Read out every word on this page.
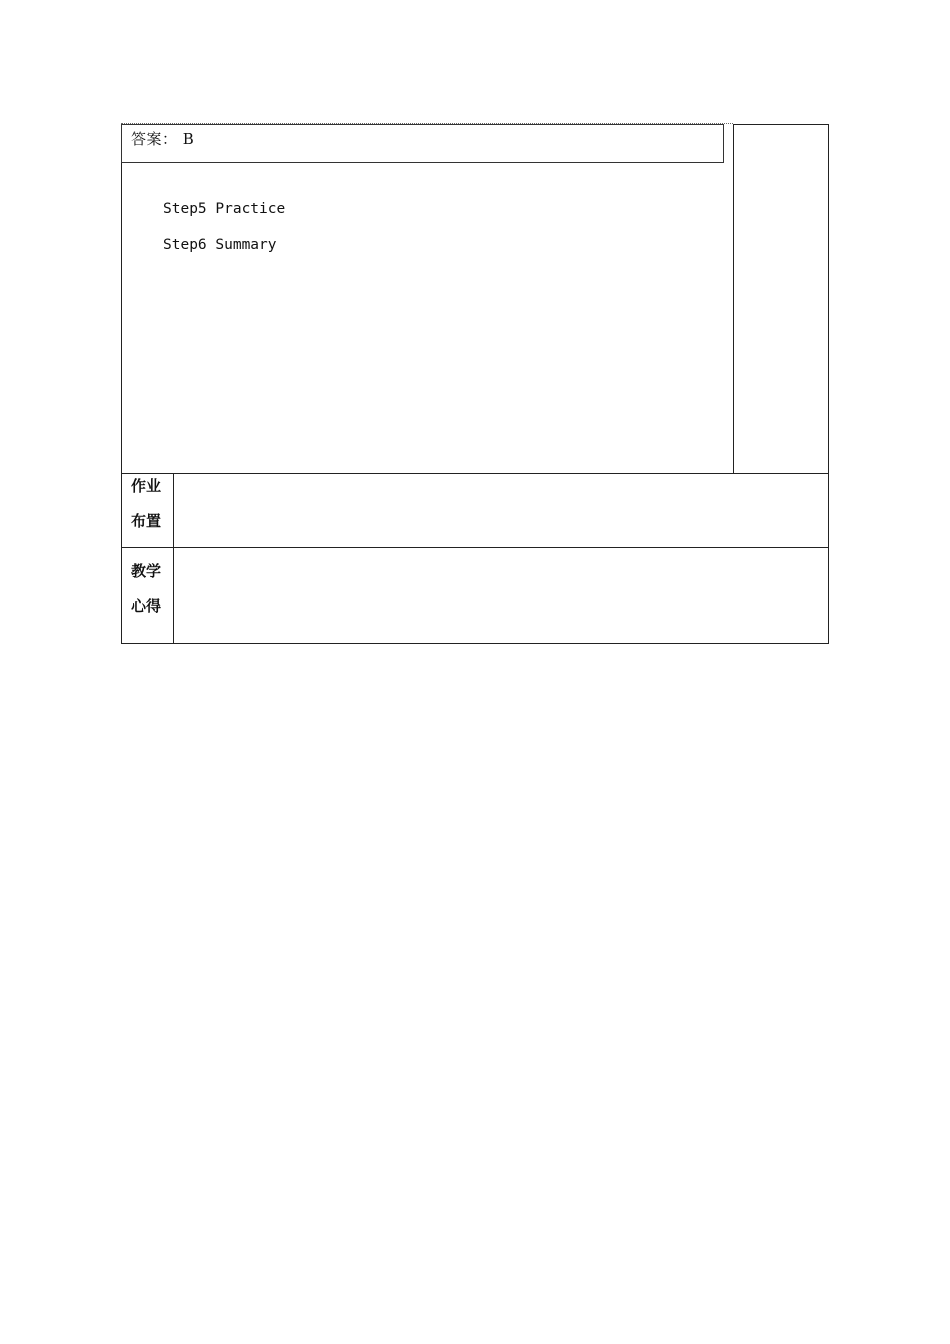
答案： B
Step5 Practice
Step6 Summary
作业
布置
教学
心得
